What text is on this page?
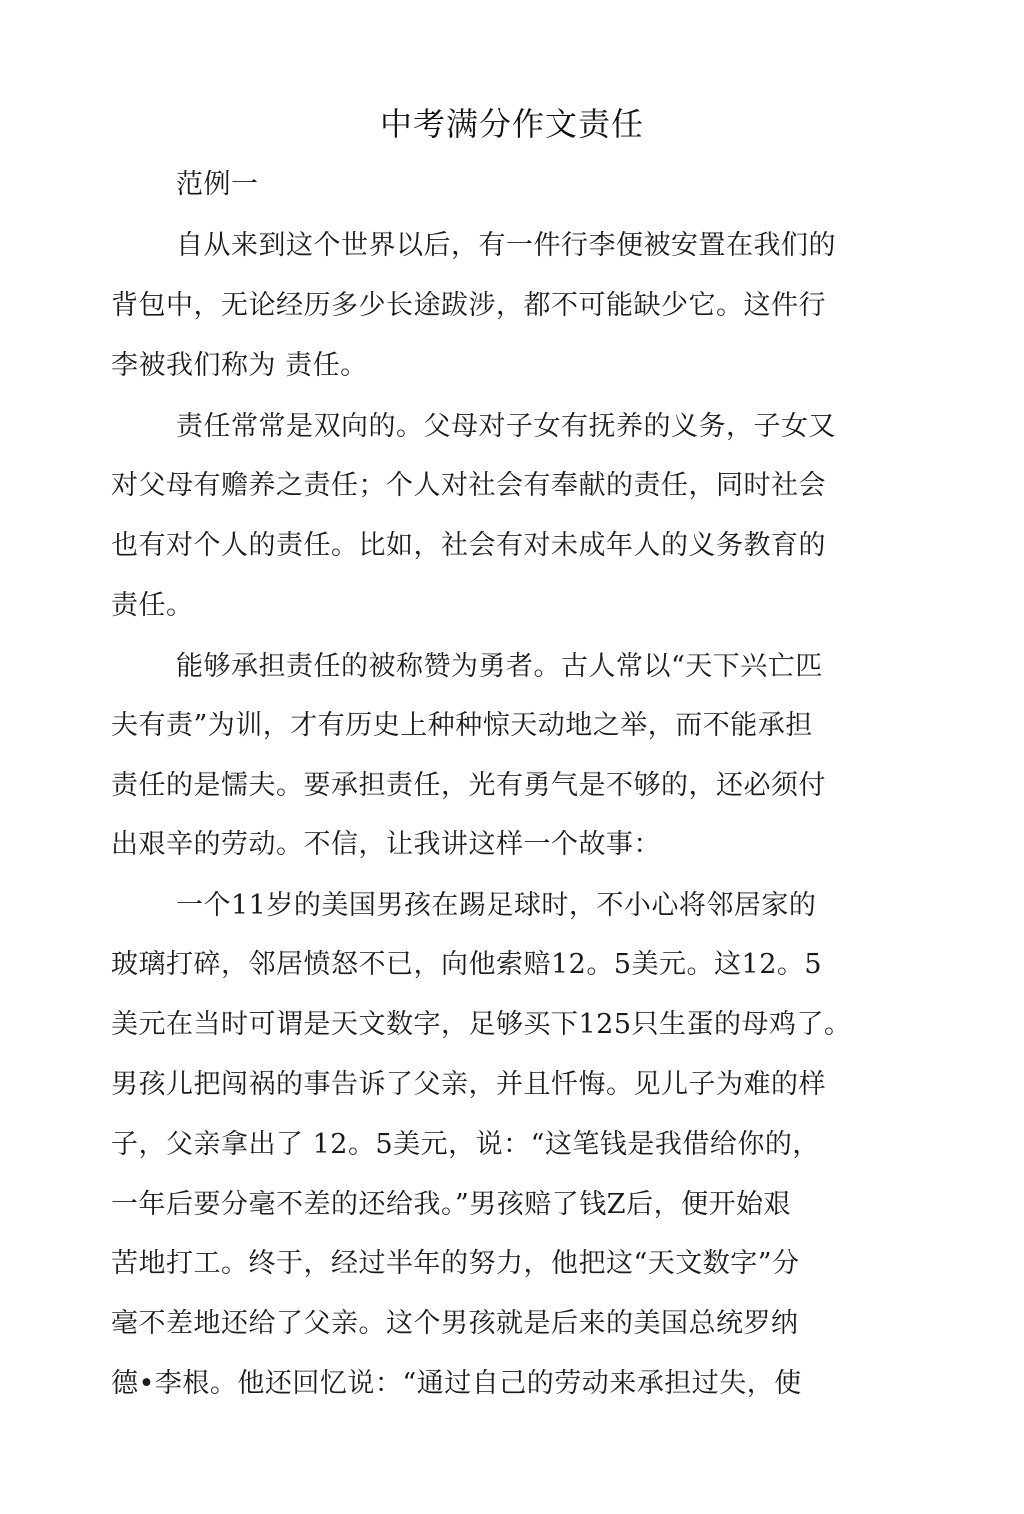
中考满分作文责任
范例一
自从来到这个世界以后，有一件行李便被安置在我们的
背包中，无论经历多少长途跋涉，都不可能缺少它。这件行
李被我们称为 责任。
责任常常是双向的。父母对子女有抚养的义务，子女又
对父母有赡养之责任；个人对社会有奉献的责任，同时社会
也有对个人的责任。比如，社会有对未成年人的义务教育的
责任。
能够承担责任的被称赞为勇者。古人常以“天下兴亡匹
夫有责”为训，才有历史上种种惊天动地之举，而不能承担
责任的是懦夫。要承担责任，光有勇气是不够的，还必须付
出艰辛的劳动。不信，让我讲这样一个故事：
一个11岁的美国男孩在踢足球时，不小心将邻居家的
玻璃打碎，邻居愤怒不已，向他索赔12。5美元。这12。5
美元在当时可谓是天文数字，足够买下125只生蛋的母鸡了。
男孩儿把闯祸的事告诉了父亲，并且忏悔。见儿子为难的样
子，父亲拿出了 12。5美元，说：“这笔钱是我借给你的，
一年后要分毫不差的还给我。”男孩赔了钱Z后，便开始艰
苦地打工。终于，经过半年的努力，他把这“天文数字”分
毫不差地还给了父亲。这个男孩就是后来的美国总统罗纳
德•李根。他还回忆说：“通过自己的劳动来承担过失，使
